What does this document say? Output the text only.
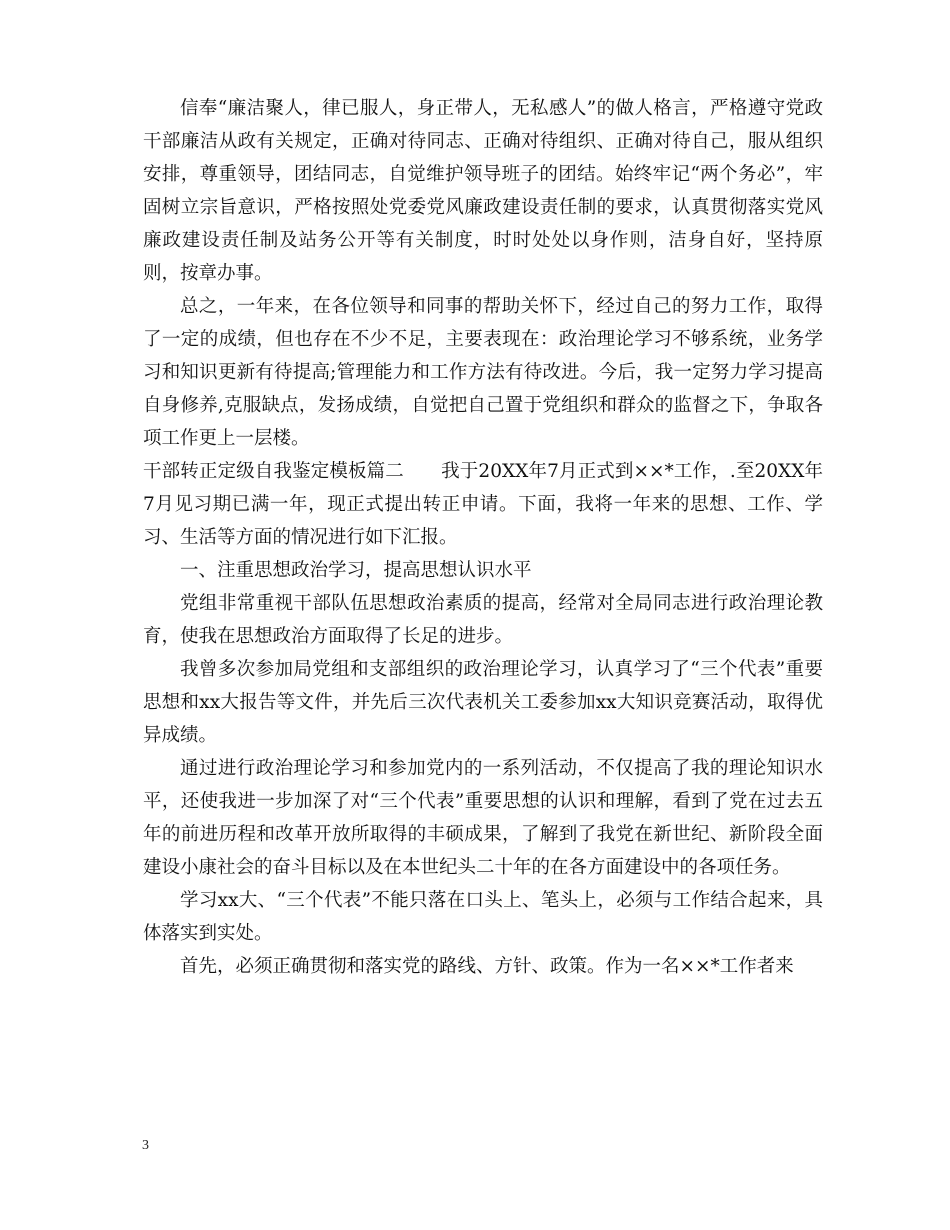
信奉“廉洁聚人，律已服人，身正带人，无私感人”的做人格言，严格遵守党政干部廉洁从政有关规定，正确对待同志、正确对待组织、正确对待自己，服从组织安排，尊重领导，团结同志，自觉维护领导班子的团结。始终牢记“两个务必”，牢固树立宗旨意识，严格按照处党委党风廉政建设责任制的要求，认真贯彻落实党风廉政建设责任制及站务公开等有关制度，时时处处以身作则，洁身自好，坚持原则，按章办事。

总之，一年来，在各位领导和同事的帮助关怀下，经过自己的努力工作，取得了一定的成绩，但也存在不少不足，主要表现在：政治理论学习不够系统，业务学习和知识更新有待提高;管理能力和工作方法有待改进。今后，我一定努力学习提高自身修养,克服缺点，发扬成绩，自觉把自己置于党组织和群众的监督之下，争取各项工作更上一层楼。

干部转正定级自我鉴定模板篇二　　我于20XX年7月正式到××*工作，.至20XX年7月见习期已满一年，现正式提出转正申请。下面，我将一年来的思想、工作、学习、生活等方面的情况进行如下汇报。

一、注重思想政治学习，提高思想认识水平

党组非常重视干部队伍思想政治素质的提高，经常对全局同志进行政治理论教育，使我在思想政治方面取得了长足的进步。

我曾多次参加局党组和支部组织的政治理论学习，认真学习了“三个代表”重要思想和xx大报告等文件，并先后三次代表机关工委参加xx大知识竞赛活动，取得优异成绩。

通过进行政治理论学习和参加党内的一系列活动，不仅提高了我的理论知识水平，还使我进一步加深了对“三个代表”重要思想的认识和理解，看到了党在过去五年的前进历程和改革开放所取得的丰硕成果，了解到了我党在新世纪、新阶段全面建设小康社会的奋斗目标以及在本世纪头二十年的在各方面建设中的各项任务。

学习xx大、“三个代表”不能只落在口头上、笔头上，必须与工作结合起来，具体落实到实处。

首先，必须正确贯彻和落实党的路线、方针、政策。作为一名××*工作者来

3
